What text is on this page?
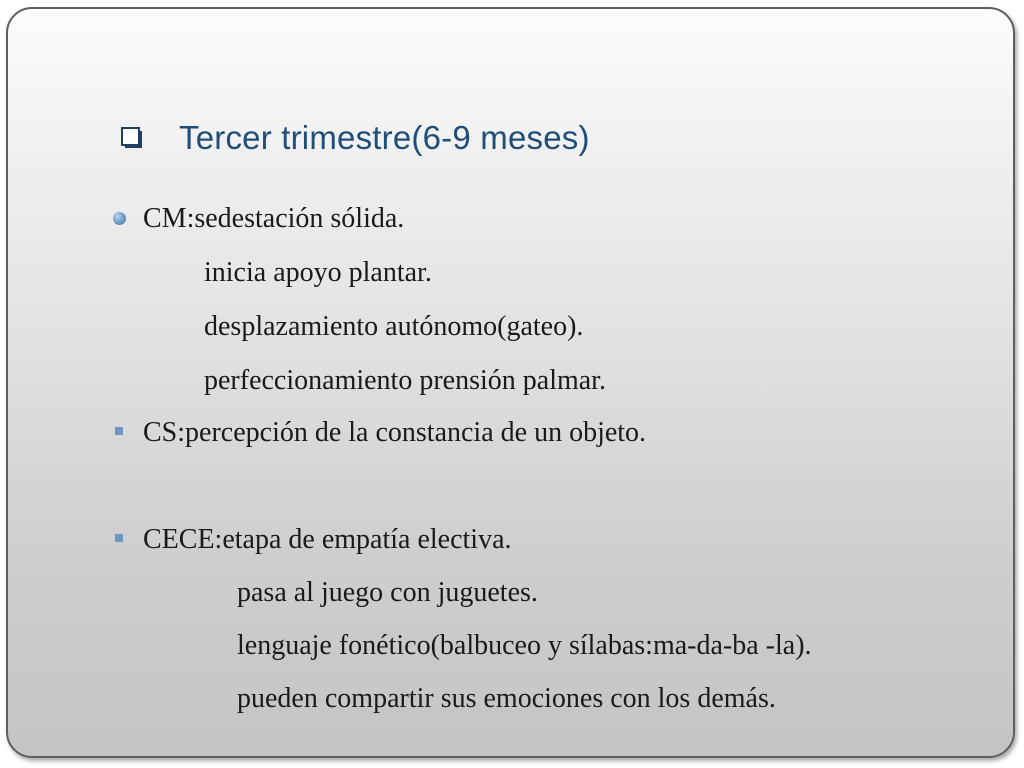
Tercer trimestre(6-9 meses)
CM:sedestación sólida.
inicia apoyo plantar.
desplazamiento autónomo(gateo).
perfeccionamiento prensión palmar.
CS:percepción de la constancia de un objeto.
CECE:etapa de empatía electiva.
pasa al juego con juguetes.
lenguaje fonético(balbuceo y sílabas:ma-da-ba -la).
pueden compartir sus emociones con los demás.
